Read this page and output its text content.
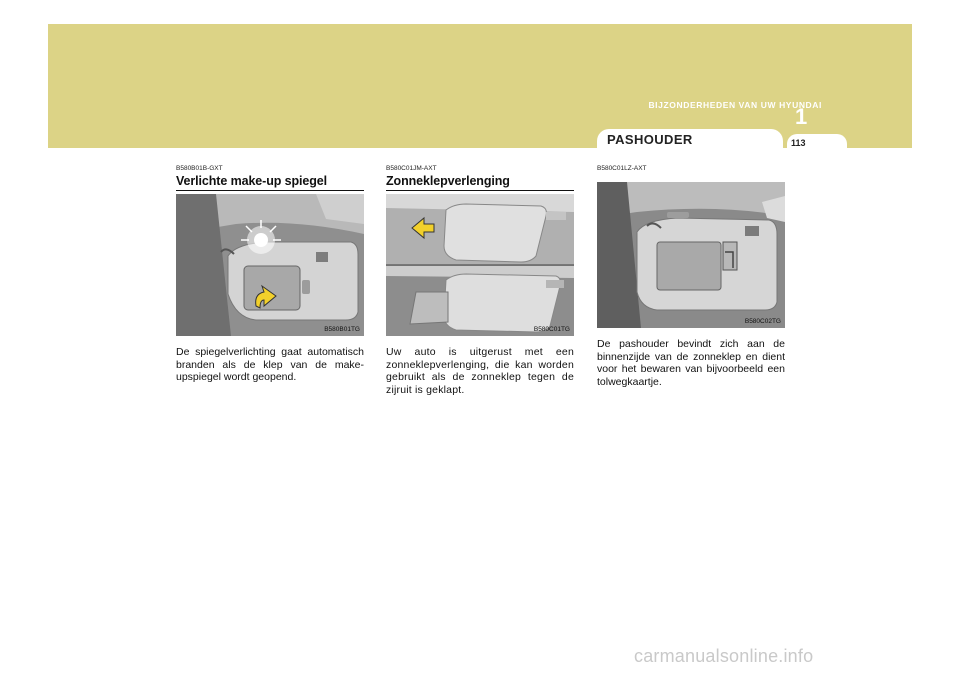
BIJZONDERHEDEN VAN UW HYUNDAI
1
PASHOUDER	113
B580B01B-GXT
Verlichte make-up spiegel
B580B01TG

De spiegelverlichting gaat automatisch branden als de klep van de make-upspiegel wordt geopend.

B580C01JM-AXT
Zonneklepverlenging
B580C01TG

Uw auto is uitgerust met een zonneklepverlenging, die kan worden gebruikt als de zonneklep tegen de zijruit is geklapt.

B580C01LZ-AXT
B580C02TG

De pashouder bevindt zich aan de binnenzijde van de zonneklep en dient voor het bewaren van bijvoorbeeld een tolwegkaartje.

carmanualsonline.info
